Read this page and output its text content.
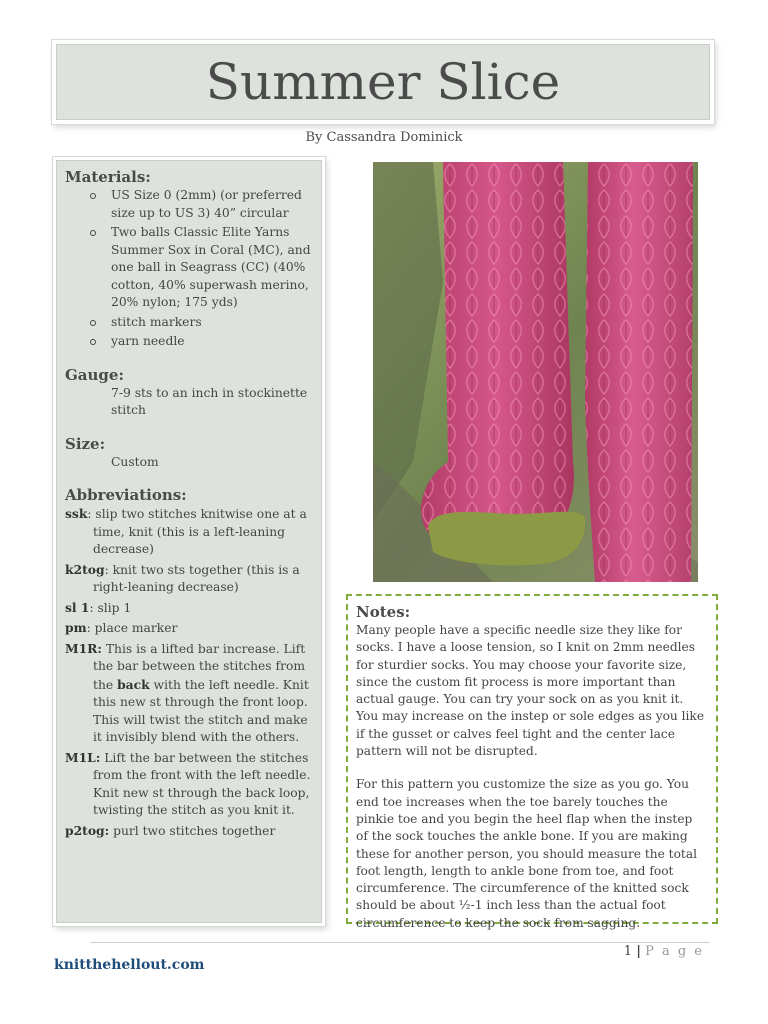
Summer Slice
By Cassandra Dominick
Materials:
US Size 0 (2mm) (or preferred size up to US 3) 40” circular
Two balls Classic Elite Yarns Summer Sox in Coral (MC), and one ball in Seagrass (CC) (40% cotton, 40% superwash merino, 20% nylon; 175 yds)
stitch markers
yarn needle
Gauge:
7-9 sts to an inch in stockinette stitch
Size:
Custom
Abbreviations:
ssk: slip two stitches knitwise one at a time, knit (this is a left-leaning decrease)
k2tog: knit two sts together (this is a right-leaning decrease)
sl 1: slip 1
pm: place marker
M1R: This is a lifted bar increase. Lift the bar between the stitches from the back with the left needle. Knit this new st through the front loop. This will twist the stitch and make it invisibly blend with the others.
M1L: Lift the bar between the stitches from the front with the left needle. Knit new st through the back loop, twisting the stitch as you knit it.
p2tog: purl two stitches together
Notes:

Many people have a specific needle size they like for socks. I have a loose tension, so I knit on 2mm needles for sturdier socks. You may choose your favorite size, since the custom fit process is more important than actual gauge. You can try your sock on as you knit it. You may increase on the instep or sole edges as you like if the gusset or calves feel tight and the center lace pattern will not be disrupted.

For this pattern you customize the size as you go. You end toe increases when the toe barely touches the pinkie toe and you begin the heel flap when the instep of the sock touches the ankle bone. If you are making these for another person, you should measure the total foot length, length to ankle bone from toe, and foot circumference. The circumference of the knitted sock should be about ½-1 inch less than the actual foot circumference to keep the sock from sagging.

1 | P a g e
knitthehellout.com
